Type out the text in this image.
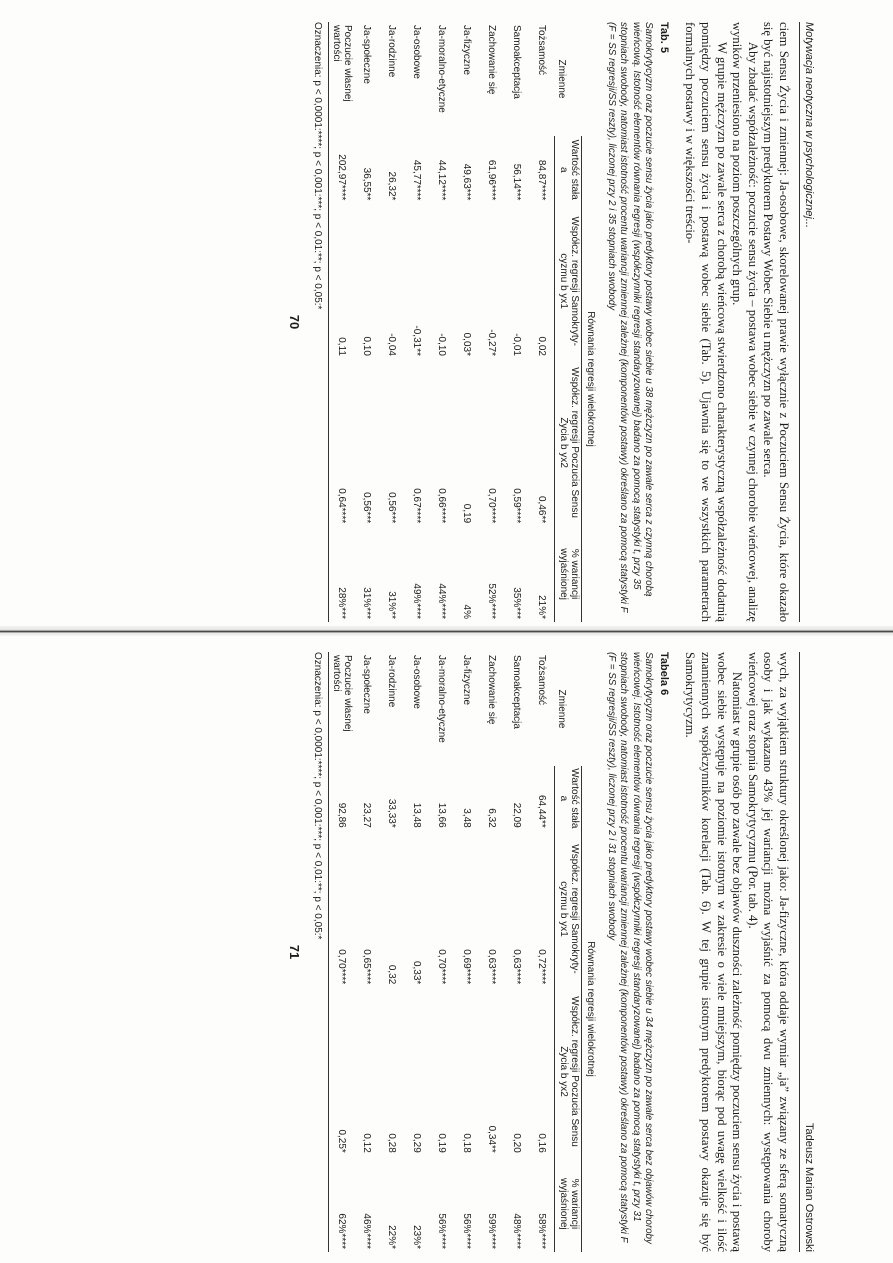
Motywacja neotyczna w psychologicznej...

ciem Sensu Życia i zmiennej: Ja-osobowe, skorelowanej prawie wyłącznie z Poczuciem Sensu Życia, które okazało się być najistotniejszym predyktorem Postawy Wobec Siebie u mężczyzn po zawale serca.

Aby zbadać współzależność: poczucie sensu życia – postawa wobec siebie w czynnej chorobie wieńcowej, analizę wyników przeniesiono na poziom poszczególnych grup.

W grupie mężczyzn po zawale serca z chorobą wieńcową stwierdzono charakterystyczną współzależność dodatnią pomiędzy poczuciem sensu życia i postawą wobec siebie (Tab. 5). Ujawnia się to we wszystkich parametrach formalnych postawy i w większości treścio-

Tab. 5
Samokrytycyzm oraz poczucie sensu życia jako predyktory postawy wobec siebie u 38 mężczyzn po zawale serca z czynną chorobą wieńcową. Istotność elementów równania regresji (współczynniki regresji standaryzowanej) badano za pomocą statystyki t, przy 35 stopniach swobody, natomiast istotność procentu wariancji zmiennej zależnej (komponentów postawy) określano za pomocą statystyki F (F = SS regresji/SS reszty), liczonej przy 2 i 35 stopniach swobody
Zmienne	Równania regresji wielokrotnej			
	Wartość stała a	Współcz. regresji Samokryty-cyzmu b yx1	Współcz. regresji Poczucia Sensu Życia b yx2	% wariancji wyjaśnionej
Tożsamość	84,87****	0,02	0,46**	21%*
Samoakceptacja	56,14***	-0,01	0,59****	35%***
Zachowanie się	61,96****	-0,27*	0,70****	52%****
Ja-fizyczne	49,63***	0,03*	0,19	4%
Ja-moralno-etyczne	44,12****	-0,10	0,66****	44%****
Ja-osobowe	45,77****	-0,31**	0,67****	49%****
Ja-rodzinne	26,32*	-0,04	0,56***	31%**
Ja-społeczne	36,55**	0,10	0,56***	31%***
Poczucie własnej wartości	202,97****	0,11	0,64****	28%***
Oznaczenia: p < 0,0001:****; p < 0,001:***; p < 0,01:**; p < 0,05:*
70
Tadeusz Marian Ostrowski

wych, za wyjątkiem struktury określonej jako: Ja-fizyczne, która oddaje wymiar „ja” związany ze sferą somatyczną osoby i jak wykazano 43% jej wariancji można wyjaśnić za pomocą dwu zmiennych: występowania choroby wieńcowej oraz stopnia Samokrytycyzmu (Por. tab. 4).

Natomiast w grupie osób po zawale bez objawów duszności zależność pomiędzy poczuciem sensu życia i postawą wobec siebie występuje na poziomie istotnym w zakresie o wiele mniejszym, biorąc pod uwagę wielkość i ilość znamiennych współczynników korelacji (Tab. 6). W tej grupie istotnym predyktorem postawy okazuje się być Samokrytycyzm.

Tabela 6
Samokrytycyzm oraz poczucie sensu życia jako predyktory postawy wobec siebie u 34 mężczyzn po zawale serca bez objawów choroby wieńcowej. Istotność elementów równania regresji (współczynniki regresji standaryzowanej) badano za pomocą statystyki t, przy 31 stopniach swobody, natomiast istotność procentu wariancji zmiennej zależnej (komponentów postawy) określano za pomocą statystyki F (F = SS regresji/SS reszty), liczonej przy 2 i 31 stopniach swobody
Zmienne	Równania regresji wielokrotnej			
	Wartość stała a	Współcz. regresji Samokryty-cyzmu b yx1	Współcz. regresji Poczucia Sensu Życia b yx2	% wariancji wyjaśnionej
Tożsamość	64,44**	0,72****	0,16	58%****
Samoakceptacja	22,09	0,63****	0,20	48%****
Zachowanie się	6,32	0,63****	0,34**	59%****
Ja-fizyczne	3,48	0,69****	0,18	56%****
Ja-moralno-etyczne	13,66	0,70****	0,19	56%****
Ja-osobowe	13,48	0,33*	0,29	23%*
Ja-rodzinne	33,33*	0,32	0,28	22%*
Ja-społeczne	23,27	0,65****	0,12	46%****
Poczucie własnej wartości	92,86	0,70****	0,25*	62%****
Oznaczenia: p < 0,0001:****; p < 0,001:***; p < 0,01:**; p < 0,05:*
71
